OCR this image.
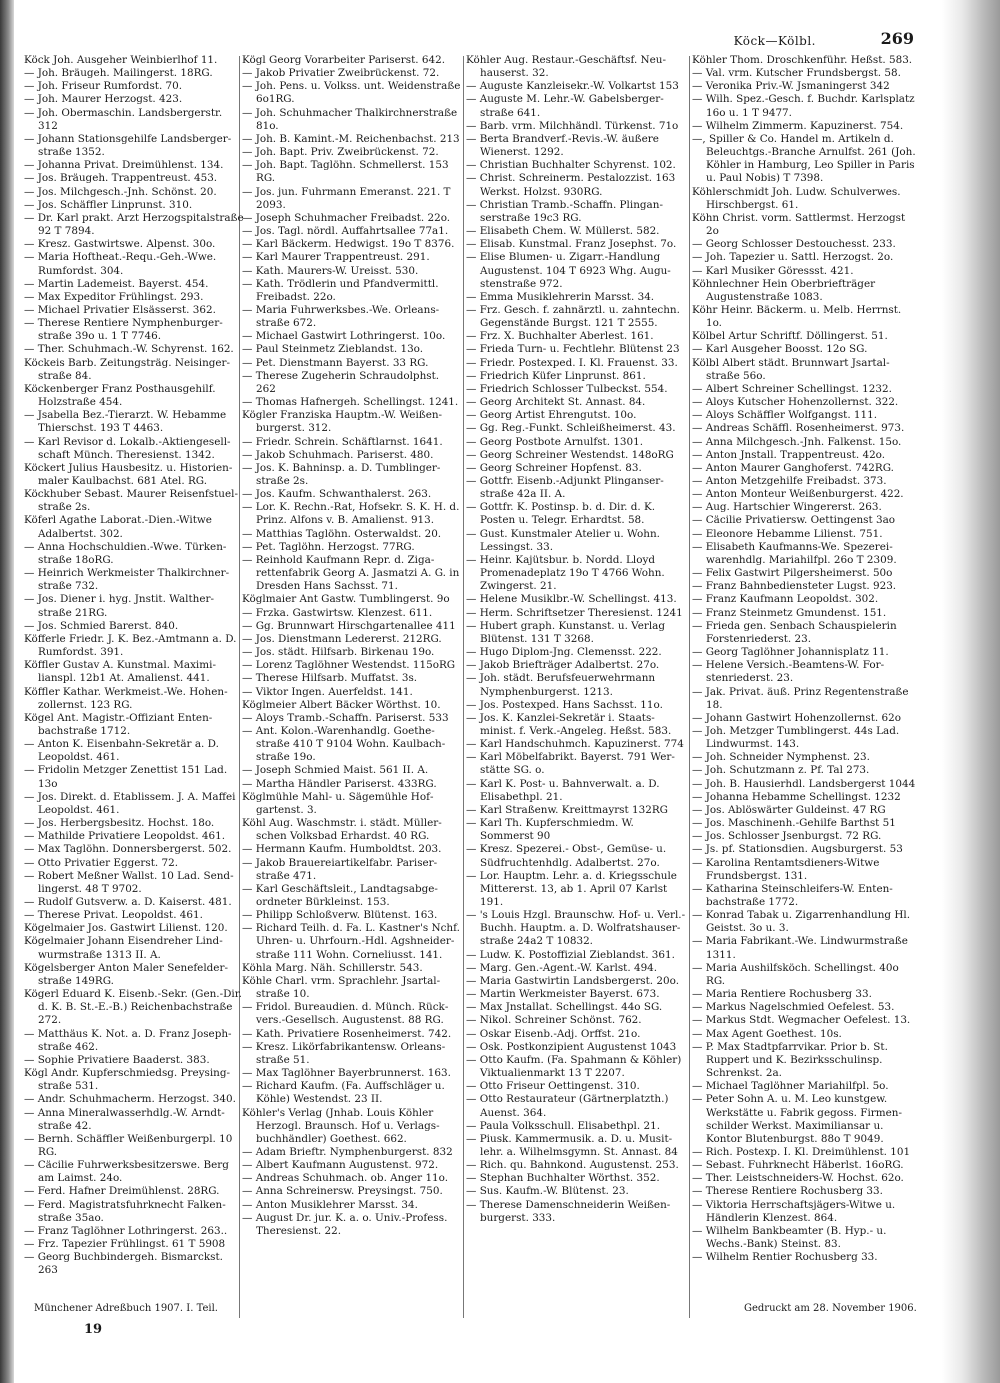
Köck—Kölbl.	269

Köck Joh. Ausgeher Weinbierlhof 11.

— Joh. Bräugeh. Mailingerst. 18RG.

— Joh. Friseur Rumfordst. 70.

— Joh. Maurer Herzogst. 423.

— Joh. Obermaschin. Landsbergerstr. 312

— Johann Stationsgehilfe Landsbergerstraße 1352.

— Johanna Privat. Dreimühlenst. 134.

— Jos. Bräugeh. Trappentreust. 453.

— Jos. Milchgesch.-Jnh. Schönst. 20.

— Jos. Schäffler Linprunst. 310.

— Dr. Karl prakt. Arzt Herzogspitalstraße 92 T 7894.

— Kresz. Gastwirtswe. Alpenst. 30o.

— Maria Hoftheat.-Requ.-Geh.-Wwe. Rumfordst. 304.

— Martin Lademeist. Bayerst. 454.

— Max Expeditor Frühlingst. 293.

— Michael Privatier Elsässerst. 362.

— Therese Rentiere Nymphenburgerstraße 39o u. 1 T 7746.

— Ther. Schuhmach.-W. Schyrenst. 162.

Köckeis Barb. Zeitungsträg. Neisingerstraße 84.

Köckenberger Franz Posthausgehilf. Holzstraße 454.

— Jsabella Bez.-Tierarzt. W. Hebamme Thierschst. 193 T 4463.

— Karl Revisor d. Lokalb.-Aktiengesellschaft Münch. Theresienst. 1342.

Köckert Julius Hausbesitz. u. Historienmaler Kaulbachst. 681 Atel. RG.

Köckhuber Sebast. Maurer Reisenfstuelstraße 2s.

Köferl Agathe Laborat.-Dien.-Witwe Adalbertst. 302.

— Anna Hochschuldien.-Wwe. Türkenstraße 18oRG.

— Heinrich Werkmeister Thalkirchnerstraße 732.

— Jos. Diener i. hyg. Jnstit. Waltherstraße 21RG.

— Jos. Schmied Barerst. 840.

Köfferle Friedr. J. K. Bez.-Amtmann a. D. Rumfordst. 391.

Köffler Gustav A. Kunstmal. Maximilianspl. 12b1 At. Amalienst. 441.

Köffler Kathar. Werkmeist.-We. Hohenzollernst. 123 RG.

Kögel Ant. Magistr.-Offiziant Entenbachstraße 1712.

— Anton K. Eisenbahn-Sekretär a. D. Leopoldst. 461.

— Fridolin Metzger Zenettist 151 Lad. 13o

— Jos. Direkt. d. Etablissem. J. A. Maffei Leopoldst. 461.

— Jos. Herbergsbesitz. Hochst. 18o.

— Mathilde Privatiere Leopoldst. 461.

— Max Taglöhn. Donnersbergerst. 502.

— Otto Privatier Eggerst. 72.

— Robert Meßner Wallst. 10 Lad. Sendlingerst. 48 T 9702.

— Rudolf Gutsverw. a. D. Kaiserst. 481.

— Therese Privat. Leopoldst. 461.

Kögelmaier Jos. Gastwirt Lilienst. 120.

Kögelmaier Johann Eisendreher Lindwurmstraße 1313 II. A.

Kögelsberger Anton Maler Senefelderstraße 149RG.

Kögerl Eduard K. Eisenb.-Sekr. (Gen.-Dir. d. K. B. St.-E.-B.) Reichenbachstraße 272.

— Matthäus K. Not. a. D. Franz Josephstraße 462.

— Sophie Privatiere Baaderst. 383.

Kögl Andr. Kupferschmiedsg. Preysingstraße 531.

— Andr. Schuhmacherm. Herzogst. 340.

— Anna Mineralwasserhdlg.-W. Arndtstraße 42.

— Bernh. Schäffler Weißenburgerpl. 10 RG.

— Cäcilie Fuhrwerksbesitzerswe. Berg am Laimst. 24o.

— Ferd. Hafner Dreimühlenst. 28RG.

— Ferd. Magistratsfuhrknecht Falkenstraße 35ao.

— Franz Taglöhner Lothringerst. 263..

— Frz. Tapezier Frühlingst. 61 T 5908

— Georg Buchbindergeh. Bismarckst. 263

Kögl Georg Vorarbeiter Pariserst. 642.

— Jakob Privatier Zweibrückenst. 72.

— Joh. Pens. u. Volkss. unt. Weidenstraße 6o1RG.

— Joh. Schuhmacher Thalkirchnerstraße 81o.

— Joh. B. Kamint.-M. Reichenbachst. 213

— Joh. Bapt. Priv. Zweibrückenst. 72.

— Joh. Bapt. Taglöhn. Schmellerst. 153 RG.

— Jos. jun. Fuhrmann Emeranst. 221. T 2093.

— Joseph Schuhmacher Freibadst. 22o.

— Jos. Tagl. nördl. Auffahrtsallee 77a1.

— Karl Bäckerm. Hedwigst. 19o T 8376.

— Karl Maurer Trappentreust. 291.

— Kath. Maurers-W. Ureisst. 530.

— Kath. Trödlerin und Pfandvermittl. Freibadst. 22o.

— Maria Fuhrwerksbes.-We. Orleansstraße 672.

— Michael Gastwirt Lothringerst. 10o.

— Paul Steinmetz Zieblandst. 13o.

— Pet. Dienstmann Bayerst. 33 RG.

— Therese Zugeherin Schraudolphst. 262

— Thomas Hafnergeh. Schellingst. 1241.

Kögler Franziska Hauptm.-W. Weißenburgerst. 312.

— Friedr. Schrein. Schäftlarnst. 1641.

— Jakob Schuhmach. Pariserst. 480.

— Jos. K. Bahninsp. a. D. Tumblingerstraße 2s.

— Jos. Kaufm. Schwanthalerst. 263.

— Lor. K. Rechn.-Rat, Hofsekr. S. K. H. d. Prinz. Alfons v. B. Amalienst. 913.

— Matthias Taglöhn. Osterwaldst. 20.

— Pet. Taglöhn. Herzogst. 77RG.

— Reinhold Kaufmann Repr. d. Zigarettenfabrik Georg A. Jasmatzi A. G. in Dresden Hans Sachsst. 71.

Köglmaier Ant Gastw. Tumblingerst. 9o

— Frzka. Gastwirtsw. Klenzest. 611.

— Gg. Brunnwart Hirschgartenallee 411

— Jos. Dienstmann Ledererst. 212RG.

— Jos. städt. Hilfsarb. Birkenau 19o.

— Lorenz Taglöhner Westendst. 115oRG

— Therese Hilfsarb. Muffatst. 3s.

— Viktor Ingen. Auerfeldst. 141.

Köglmeier Albert Bäcker Wörthst. 10.

— Aloys Tramb.-Schaffn. Pariserst. 533

— Ant. Kolon.-Warenhandlg. Goethestraße 410 T 9104 Wohn. Kaulbachstraße 19o.

— Joseph Schmied Maist. 561 II. A.

— Martha Händler Pariserst. 433RG.

Köglmühle Mahl- u. Sägemühle Hofgartenst. 3.

Köhl Aug. Waschmstr. i. städt. Müllerschen Volksbad Erhardst. 40 RG.

— Hermann Kaufm. Humboldtst. 203.

— Jakob Brauereiartikelfabr. Pariserstraße 471.

— Karl Geschäftsleit., Landtagsabgeordneter Bürkleinst. 153.

— Philipp Schloßverw. Blütenst. 163.

— Richard Teilh. d. Fa. L. Kastner's Nchf. Uhren- u. Uhrfourn.-Hdl. Agshneiderstraße 111 Wohn. Corneliusst. 141.

Köhla Marg. Näh. Schillerstr. 543.

Köhle Charl. vrm. Sprachlehr. Jsartalstraße 10.

— Fridol. Bureaudien. d. Münch. Rückvers.-Gesellsch. Augustenst. 88 RG.

— Kath. Privatiere Rosenheimerst. 742.

— Kresz. Likörfabrikantensw. Orleansstraße 51.

— Max Taglöhner Bayerbrunnerst. 163.

— Richard Kaufm. (Fa. Auffschläger u. Köhle) Westendst. 23 II.

Köhler's Verlag (Jnhab. Louis Köhler Herzogl. Braunsch. Hof u. Verlagsbuchhändler) Goethest. 662.

— Adam Brieftr. Nymphenburgerst. 832

— Albert Kaufmann Augustenst. 972.

— Andreas Schuhmach. ob. Anger 11o.

— Anna Schreinersw. Preysingst. 750.

— Anton Musiklehrer Marsst. 34.

— August Dr. jur. K. a. o. Univ.-Profess. Theresienst. 22.

Köhler Aug. Restaur.-Geschäftsf. Neuhauserst. 32.

— Auguste Kanzleisekr.-W. Volkartst 153

— Auguste M. Lehr.-W. Gabelsbergerstraße 641.

— Barb. vrm. Milchhändl. Türkenst. 71o

— Berta Brandverf.-Revis.-W. äußere Wienerst. 1292.

— Christian Buchhalter Schyrenst. 102.

— Christ. Schreinerm. Pestalozzist. 163 Werkst. Holzst. 930RG.

— Christian Tramb.-Schaffn. Plinganserstraße 19c3 RG.

— Elisabeth Chem. W. Müllerst. 582.

— Elisab. Kunstmal. Franz Josephst. 7o.

— Elise Blumen- u. Zigarr.-Handlung Augustenst. 104 T 6923 Whg. Augustenstraße 972.

— Emma Musiklehrerin Marsst. 34.

— Frz. Gesch. f. zahnärztl. u. zahntechn. Gegenstände Burgst. 121 T 2555.

— Frz. X. Buchhalter Aberlest. 161.

— Frieda Turn- u. Fechtlehr. Blütenst 23

— Friedr. Postexped. I. Kl. Frauenst. 33.

— Friedrich Küfer Linprunst. 861.

— Friedrich Schlosser Tulbeckst. 554.

— Georg Architekt St. Annast. 84.

— Georg Artist Ehrengutst. 10o.

— Gg. Reg.-Funkt. Schleißheimerst. 43.

— Georg Postbote Arnulfst. 1301.

— Georg Schreiner Westendst. 148oRG

— Georg Schreiner Hopfenst. 83.

— Gottfr. Eisenb.-Adjunkt Plinganserstraße 42a II. A.

— Gottfr. K. Postinsp. b. d. Dir. d. K. Posten u. Telegr. Erhardtst. 58.

— Gust. Kunstmaler Atelier u. Wohn. Lessingst. 33.

— Heinr. Kajütsbur. b. Nordd. Lloyd Promenadeplatz 19o T 4766 Wohn. Zwingerst. 21.

— Helene Musiklbr.-W. Schellingst. 413.

— Herm. Schriftsetzer Theresienst. 1241

— Hubert graph. Kunstanst. u. Verlag Blütenst. 131 T 3268.

— Hugo Diplom-Jng. Clemensst. 222.

— Jakob Briefträger Adalbertst. 27o.

— Joh. städt. Berufsfeuerwehrmann Nymphenburgerst. 1213.

— Jos. Postexped. Hans Sachsst. 11o.

— Jos. K. Kanzlei-Sekretär i. Staatsminist. f. Verk.-Angeleg. Heßst. 583.

— Karl Handschuhmch. Kapuzinerst. 774

— Karl Möbelfabrikt. Bayerst. 791 Werstätte SG. o.

— Karl K. Post- u. Bahnverwalt. a. D. Elisabethpl. 21.

— Karl Straßenw. Kreittmayrst 132RG

— Karl Th. Kupferschmiedm. W. Sommerst 90

— Kresz. Spezerei.- Obst-, Gemüse- u. Südfruchtenhdlg. Adalbertst. 27o.

— Lor. Hauptm. Lehr. a. d. Kriegsschule Mittererst. 13, ab 1. April 07 Karlst 191.

— 's Louis Hzgl. Braunschw. Hof- u. Verl.-Buchh. Hauptm. a. D. Wolfratshauserstraße 24a2 T 10832.

— Ludw. K. Postoffizial Zieblandst. 361.

— Marg. Gen.-Agent.-W. Karlst. 494.

— Maria Gastwirtin Landsbergerst. 20o.

— Martin Werkmeister Bayerst. 673.

— Max Jnstallat. Schellingst. 44o SG.

— Nikol. Schreiner Schönst. 762.

— Oskar Eisenb.-Adj. Orffst. 21o.

— Osk. Postkonzipient Augustenst 1043

— Otto Kaufm. (Fa. Spahmann & Köhler) Viktualienmarkt 13 T 2207.

— Otto Friseur Oettingenst. 310.

— Otto Restaurateur (Gärtnerplatzth.) Auenst. 364.

— Paula Volksschull. Elisabethpl. 21.

— Piusk. Kammermusik. a. D. u. Musitlehr. a. Wilhelmsgymn. St. Annast. 84

— Rich. qu. Bahnkond. Augustenst. 253.

— Stephan Buchhalter Wörthst. 352.

— Sus. Kaufm.-W. Blütenst. 23.

— Therese Damenschneiderin Weißenburgerst. 333.

Köhler Thom. Droschkenführ. Heßst. 583.

— Val. vrm. Kutscher Frundsbergst. 58.

— Veronika Priv.-W. Jsmaningerst 342

— Wilh. Spez.-Gesch. f. Buchdr. Karlsplatz 16o u. 1 T 9477.

— Wilhelm Zimmerm. Kapuzinerst. 754.

—, Spiller & Co. Handel m. Artikeln d. Beleuchtgs.-Branche Arnulfst. 261 (Joh. Köhler in Hamburg, Leo Spiller in Paris u. Paul Nobis) T 7398.

Köhlerschmidt Joh. Ludw. Schulverwes. Hirschbergst. 61.

Köhn Christ. vorm. Sattlermst. Herzogst 2o

— Georg Schlosser Destouchesst. 233.

— Joh. Tapezier u. Sattl. Herzogst. 2o.

— Karl Musiker Göressst. 421.

Köhnlechner Hein Oberbriefträger Augustenstraße 1083.

Köhr Heinr. Bäckerm. u. Melb. Herrnst. 1o.

Kölbel Artur Schriftf. Döllingerst. 51.

— Karl Ausgeher Boosst. 12o SG.

Kölbl Albert städt. Brunnwart Jsartalstraße 56o.

— Albert Schreiner Schellingst. 1232.

— Aloys Kutscher Hohenzollernst. 322.

— Aloys Schäffler Wolfgangst. 111.

— Andreas Schäffl. Rosenheimerst. 973.

— Anna Milchgesch.-Jnh. Falkenst. 15o.

— Anton Jnstall. Trappentreust. 42o.

— Anton Maurer Ganghoferst. 742RG.

— Anton Metzgehilfe Freibadst. 373.

— Anton Monteur Weißenburgerst. 422.

— Aug. Hartschier Wingererst. 263.

— Cäcilie Privatiersw. Oettingenst 3ao

— Eleonore Hebamme Lilienst. 751.

— Elisabeth Kaufmanns-We. Spezereiwarenhdlg. Mariahilfpl. 26o T 2309.

— Felix Gastwirt Pilgersheimerst. 50o

— Franz Bahnbediensteter Lugst. 923.

— Franz Kaufmann Leopoldst. 302.

— Franz Steinmetz Gmundenst. 151.

— Frieda gen. Senbach Schauspielerin Forstenriederst. 23.

— Georg Taglöhner Johannisplatz 11.

— Helene Versich.-Beamtens-W. Forstenriederst. 23.

— Jak. Privat. äuß. Prinz Regentenstraße 18.

— Johann Gastwirt Hohenzollernst. 62o

— Joh. Metzger Tumblingerst. 44s Lad. Lindwurmst. 143.

— Joh. Schneider Nymphenst. 23.

— Joh. Schutzmann z. Pf. Tal 273.

— Joh. B. Hausierhdl. Landsbergerst 1044

— Johanna Hebamme Schellingst. 1232

— Jos. Ablöswärter Guldeinst. 47 RG

— Jos. Maschinenh.-Gehilfe Barthst 51

— Jos. Schlosser Jsenburgst. 72 RG.

— Js. pf. Stationsdien. Augsburgerst. 53

— Karolina Rentamtsdieners-Witwe Frundsbergst. 131.

— Katharina Steinschleifers-W. Entenbachstraße 1772.

— Konrad Tabak u. Zigarrenhandlung Hl. Geistst. 3o u. 3.

— Maria Fabrikant.-We. Lindwurmstraße 1311.

— Maria Aushilfsköch. Schellingst. 40o RG.

— Maria Rentiere Rochusberg 33.

— Markus Nagelschmied Oefelest. 53.

— Markus Stdt. Wegmacher Oefelest. 13.

— Max Agent Goethest. 10s.

— P. Max Stadtpfarrvikar. Prior b. St. Ruppert und K. Bezirksschulinsp. Schrenkst. 2a.

— Michael Taglöhner Mariahilfpl. 5o.

— Peter Sohn A. u. M. Leo kunstgew. Werkstätte u. Fabrik gegoss. Firmenschilder Werkst. Maximiliansar u. Kontor Blutenburgst. 88o T 9049.

— Rich. Postexp. I. Kl. Dreimühlenst. 101

— Sebast. Fuhrknecht Häberlst. 16oRG.

— Ther. Leistschneiders-W. Hochst. 62o.

— Therese Rentiere Rochusberg 33.

— Viktoria Herrschaftsjägers-Witwe u. Händlerin Klenzest. 864.

— Wilhelm Bankbeamter (B. Hyp.- u. Wechs.-Bank) Steinst. 83.

— Wilhelm Rentier Rochusberg 33.

Münchener Adreßbuch 1907. I. Teil.
19
Gedruckt am 28. November 1906.
